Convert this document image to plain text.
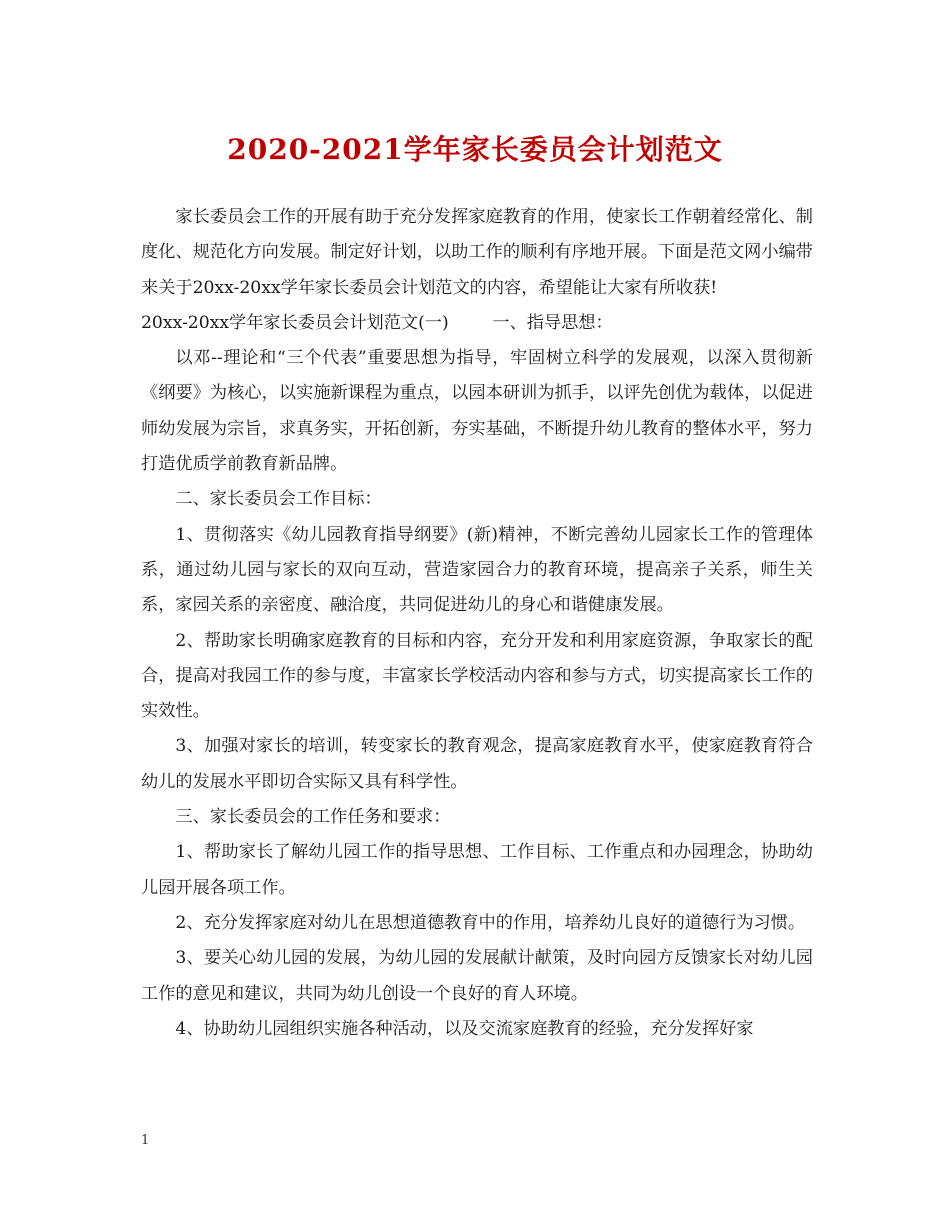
2020-2021学年家长委员会计划范文

家长委员会工作的开展有助于充分发挥家庭教育的作用，使家长工作朝着经常化、制度化、规范化方向发展。制定好计划，以助工作的顺利有序地开展。下面是范文网小编带来关于20xx-20xx学年家长委员会计划范文的内容，希望能让大家有所收获!

20xx-20xx学年家长委员会计划范文(一)        一、指导思想：

以邓--理论和“三个代表”重要思想为指导，牢固树立科学的发展观，以深入贯彻新《纲要》为核心，以实施新课程为重点，以园本研训为抓手，以评先创优为载体，以促进师幼发展为宗旨，求真务实，开拓创新，夯实基础，不断提升幼儿教育的整体水平，努力打造优质学前教育新品牌。

二、家长委员会工作目标：

1、贯彻落实《幼儿园教育指导纲要》(新)精神，不断完善幼儿园家长工作的管理体系，通过幼儿园与家长的双向互动，营造家园合力的教育环境，提高亲子关系，师生关系，家园关系的亲密度、融洽度，共同促进幼儿的身心和谐健康发展。

2、帮助家长明确家庭教育的目标和内容，充分开发和利用家庭资源，争取家长的配合，提高对我园工作的参与度，丰富家长学校活动内容和参与方式，切实提高家长工作的实效性。

3、加强对家长的培训，转变家长的教育观念，提高家庭教育水平，使家庭教育符合幼儿的发展水平即切合实际又具有科学性。

三、家长委员会的工作任务和要求：

1、帮助家长了解幼儿园工作的指导思想、工作目标、工作重点和办园理念，协助幼儿园开展各项工作。

2、充分发挥家庭对幼儿在思想道德教育中的作用，培养幼儿良好的道德行为习惯。

3、要关心幼儿园的发展，为幼儿园的发展献计献策，及时向园方反馈家长对幼儿园工作的意见和建议，共同为幼儿创设一个良好的育人环境。

4、协助幼儿园组织实施各种活动，以及交流家庭教育的经验，充分发挥好家

1
